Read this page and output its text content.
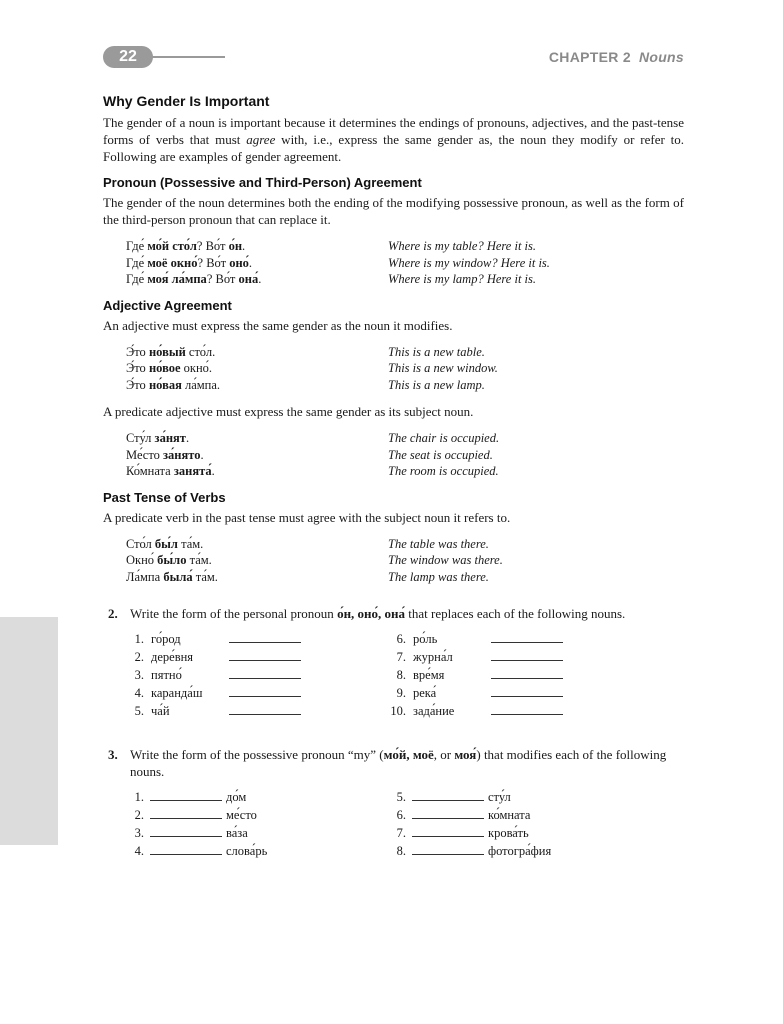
22	CHAPTER 2 Nouns
Why Gender Is Important

The gender of a noun is important because it determines the endings of pronouns, adjectives, and the past-tense forms of verbs that must agree with, i.e., express the same gender as, the noun they modify or refer to. Following are examples of gender agreement.

Pronoun (Possessive and Third-Person) Agreement

The gender of the noun determines both the ending of the modifying possessive pronoun, as well as the form of the third-person pronoun that can replace it.

Где́ мо́й сто́л? Во́т о́н.	Where is my table? Here it is.
Где́ моё окно́? Во́т оно́.	Where is my window? Here it is.
Где́ моя́ ла́мпа? Во́т она́.	Where is my lamp? Here it is.
Adjective Agreement

An adjective must express the same gender as the noun it modifies.

Э́то но́вый сто́л.	This is a new table.
Э́то но́вое окно́.	This is a new window.
Э́то но́вая ла́мпа.	This is a new lamp.

A predicate adjective must express the same gender as its subject noun.

Сту́л за́нят.	The chair is occupied.
Ме́сто за́нято.	The seat is occupied.
Ко́мната занята́.	The room is occupied.
Past Tense of Verbs

A predicate verb in the past tense must agree with the subject noun it refers to.

Сто́л бы́л та́м.	The table was there.
Окно́ бы́ло та́м.	The window was there.
Ла́мпа была́ та́м.	The lamp was there.
2. Write the form of the personal pronoun о́н, оно́, она́ that replaces each of the following nouns.
1. го́род
2. дере́вня
3. пятно́
4. каранда́ш
5. ча́й
6. ро́ль
7. журна́л
8. вре́мя
9. река́
10. зада́ние
3. Write the form of the possessive pronoun “my” (мо́й, моё, or моя́) that modifies each of the following nouns.
1.	до́м
2.	ме́сто
3.	ва́за
4.	слова́рь
5.	сту́л
6.	ко́мната
7.	крова́ть
8.	фотогра́фия
